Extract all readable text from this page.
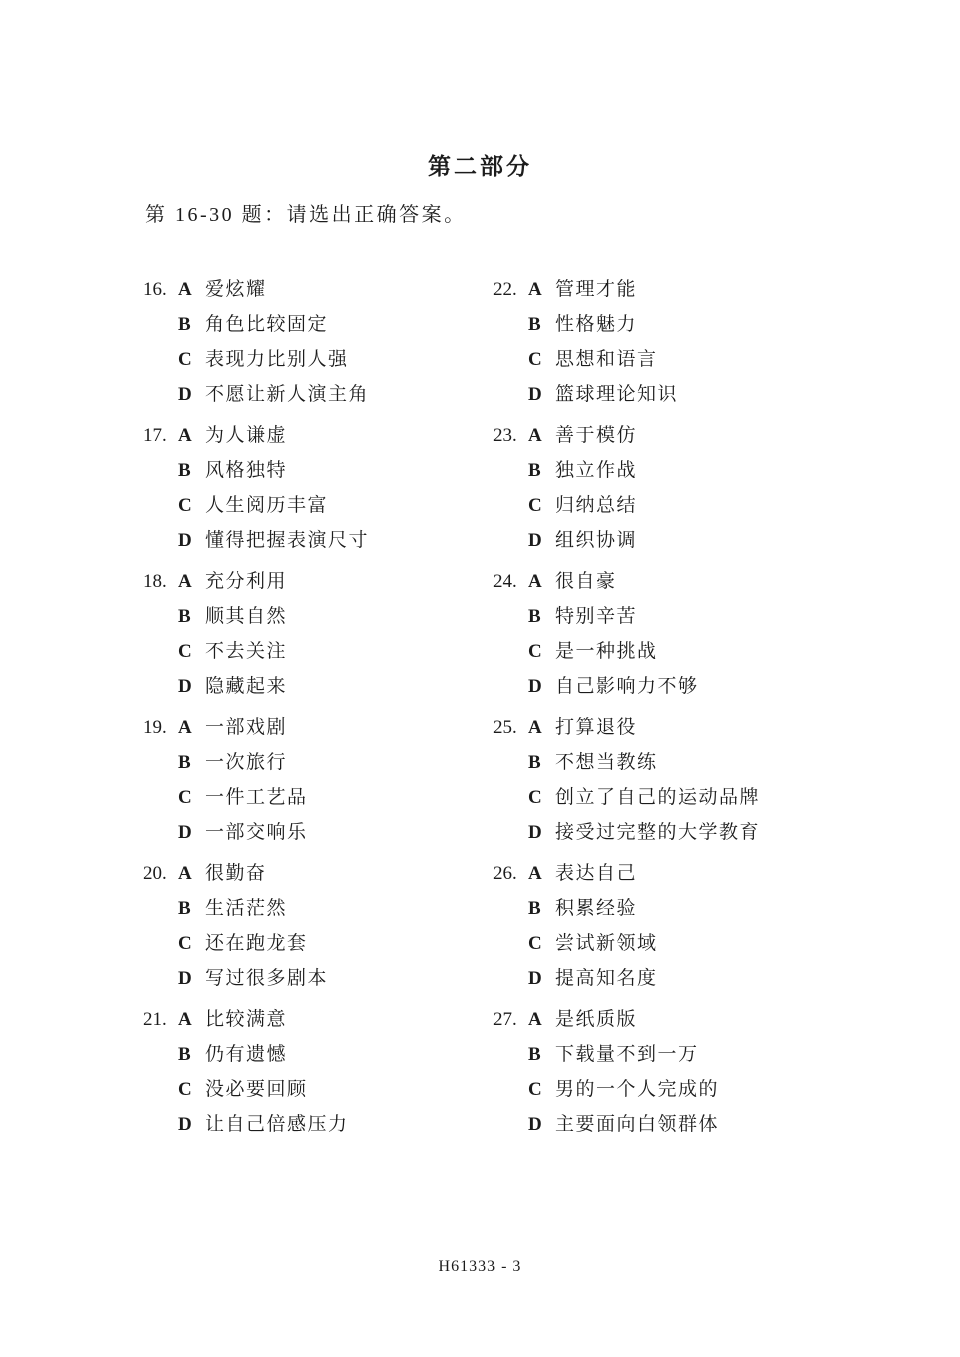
第二部分

第 16-30 题：请选出正确答案。

16. A 爱炫耀
B 角色比较固定
C 表现力比别人强
D 不愿让新人演主角
17. A 为人谦虚
B 风格独特
C 人生阅历丰富
D 懂得把握表演尺寸
18. A 充分利用
B 顺其自然
C 不去关注
D 隐藏起来
19. A 一部戏剧
B 一次旅行
C 一件工艺品
D 一部交响乐
20. A 很勤奋
B 生活茫然
C 还在跑龙套
D 写过很多剧本
21. A 比较满意
B 仍有遗憾
C 没必要回顾
D 让自己倍感压力
22. A 管理才能
B 性格魅力
C 思想和语言
D 篮球理论知识
23. A 善于模仿
B 独立作战
C 归纳总结
D 组织协调
24. A 很自豪
B 特别辛苦
C 是一种挑战
D 自己影响力不够
25. A 打算退役
B 不想当教练
C 创立了自己的运动品牌
D 接受过完整的大学教育
26. A 表达自己
B 积累经验
C 尝试新领域
D 提高知名度
27. A 是纸质版
B 下载量不到一万
C 男的一个人完成的
D 主要面向白领群体
H61333 - 3
